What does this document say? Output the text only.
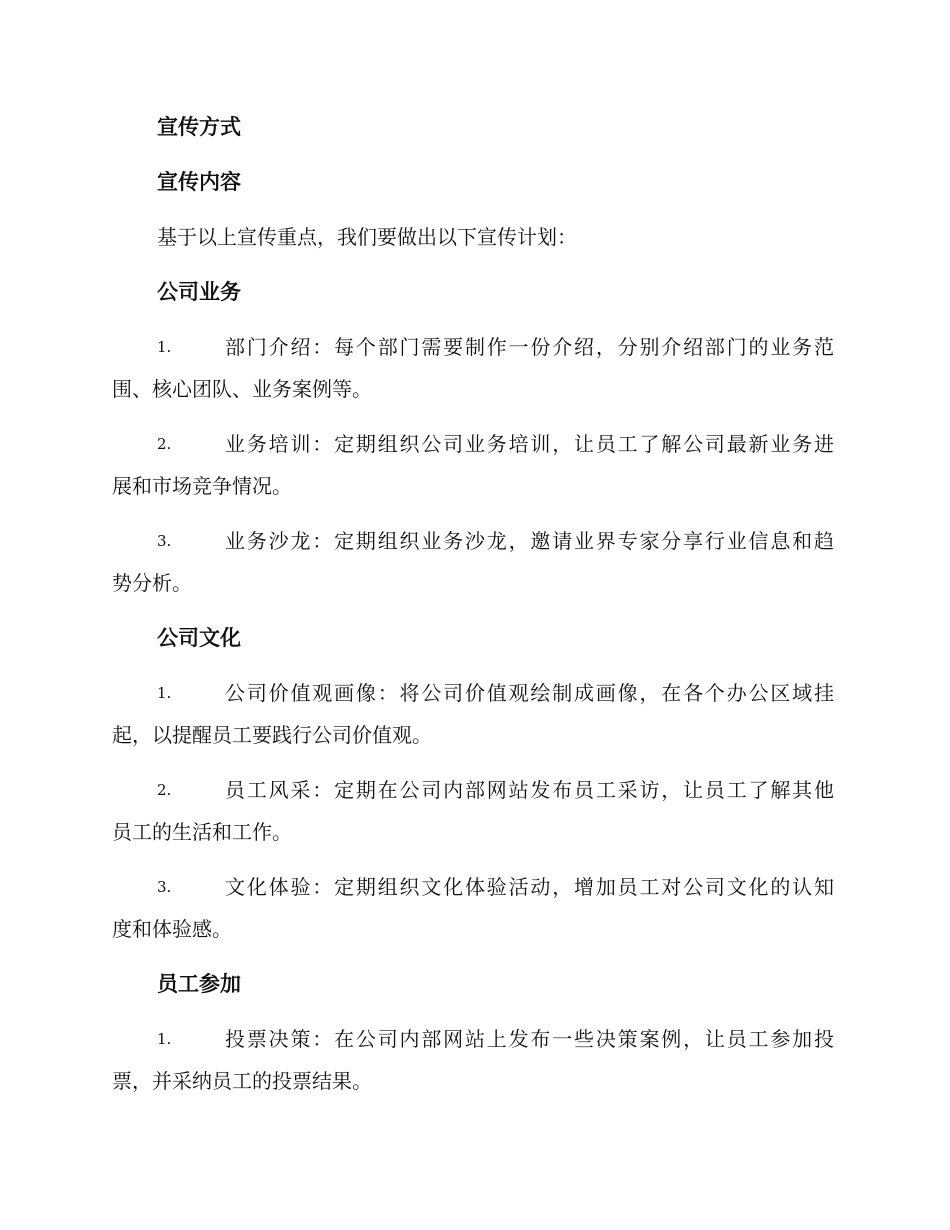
宣传方式
宣传内容
基于以上宣传重点，我们要做出以下宣传计划：
公司业务
1.	部门介绍：每个部门需要制作一份介绍，分别介绍部门的业务范
围、核心团队、业务案例等。
2.	业务培训：定期组织公司业务培训，让员工了解公司最新业务进
展和市场竞争情况。
3.	业务沙龙：定期组织业务沙龙，邀请业界专家分享行业信息和趋
势分析。
公司文化
1.	公司价值观画像：将公司价值观绘制成画像，在各个办公区域挂
起，以提醒员工要践行公司价值观。
2.	员工风采：定期在公司内部网站发布员工采访，让员工了解其他
员工的生活和工作。
3.	文化体验：定期组织文化体验活动，增加员工对公司文化的认知
度和体验感。
员工参加
1.	投票决策：在公司内部网站上发布一些决策案例，让员工参加投
票，并采纳员工的投票结果。
